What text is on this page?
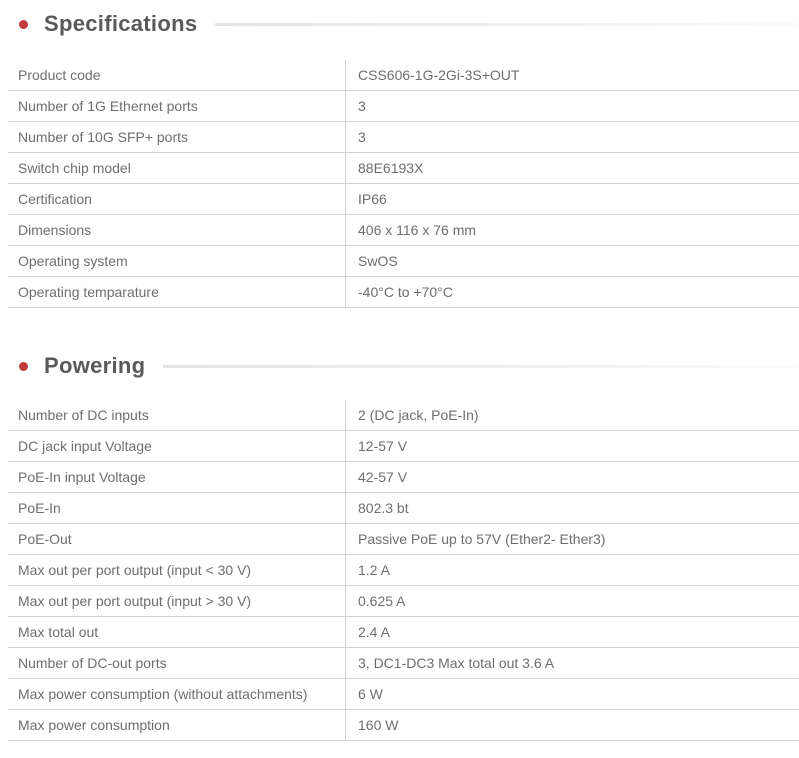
Specifications
Product code	CSS606-1G-2Gi-3S+OUT
Number of 1G Ethernet ports	3
Number of 10G SFP+ ports	3
Switch chip model	88E6193X
Certification	IP66
Dimensions	406 x 116 x 76 mm
Operating system	SwOS
Operating temparature	-40°C to +70°C
Powering
Number of DC inputs	2 (DC jack, PoE-In)
DC jack input Voltage	12-57 V
PoE-In input Voltage	42-57 V
PoE-In	802.3 bt
PoE-Out	Passive PoE up to 57V (Ether2- Ether3)
Max out per port output (input < 30 V)	1.2 A
Max out per port output (input > 30 V)	0.625 A
Max total out	2.4 A
Number of DC-out ports	3, DC1-DC3 Max total out 3.6 A
Max power consumption (without attachments)	6 W
Max power consumption	160 W
